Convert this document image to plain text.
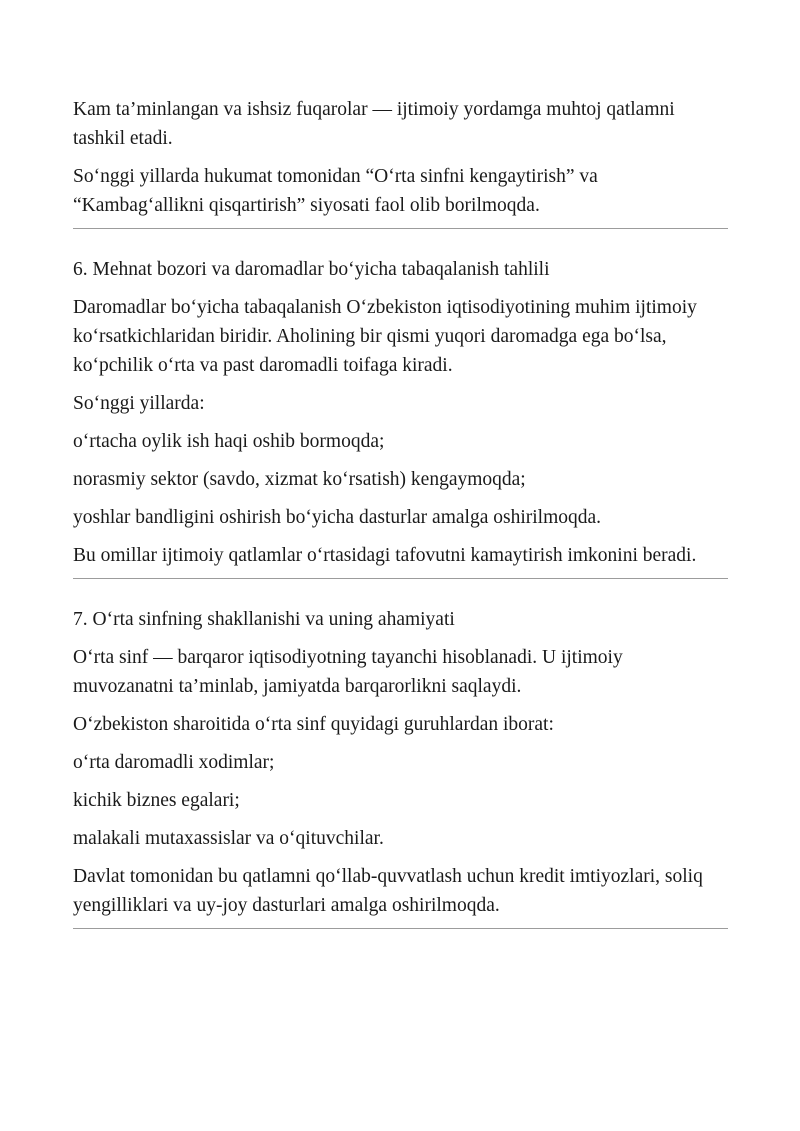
Kam ta’minlangan va ishsiz fuqarolar — ijtimoiy yordamga muhtoj qatlamni tashkil etadi.

So‘nggi yillarda hukumat tomonidan “O‘rta sinfni kengaytirish” va “Kambag‘allikni qisqartirish” siyosati faol olib borilmoqda.

6. Mehnat bozori va daromadlar bo‘yicha tabaqalanish tahlili

Daromadlar bo‘yicha tabaqalanish O‘zbekiston iqtisodiyotining muhim ijtimoiy ko‘rsatkichlaridan biridir. Aholining bir qismi yuqori daromadga ega bo‘lsa, ko‘pchilik o‘rta va past daromadli toifaga kiradi.

So‘nggi yillarda:

o‘rtacha oylik ish haqi oshib bormoqda;

norasmiy sektor (savdo, xizmat ko‘rsatish) kengaymoqda;

yoshlar bandligini oshirish bo‘yicha dasturlar amalga oshirilmoqda.

Bu omillar ijtimoiy qatlamlar o‘rtasidagi tafovutni kamaytirish imkonini beradi.

7. O‘rta sinfning shakllanishi va uning ahamiyati

O‘rta sinf — barqaror iqtisodiyotning tayanchi hisoblanadi. U ijtimoiy muvozanatni ta’minlab, jamiyatda barqarorlikni saqlaydi.

O‘zbekiston sharoitida o‘rta sinf quyidagi guruhlardan iborat:

o‘rta daromadli xodimlar;

kichik biznes egalari;

malakali mutaxassislar va o‘qituvchilar.

Davlat tomonidan bu qatlamni qo‘llab-quvvatlash uchun kredit imtiyozlari, soliq yengilliklari va uy-joy dasturlari amalga oshirilmoqda.
